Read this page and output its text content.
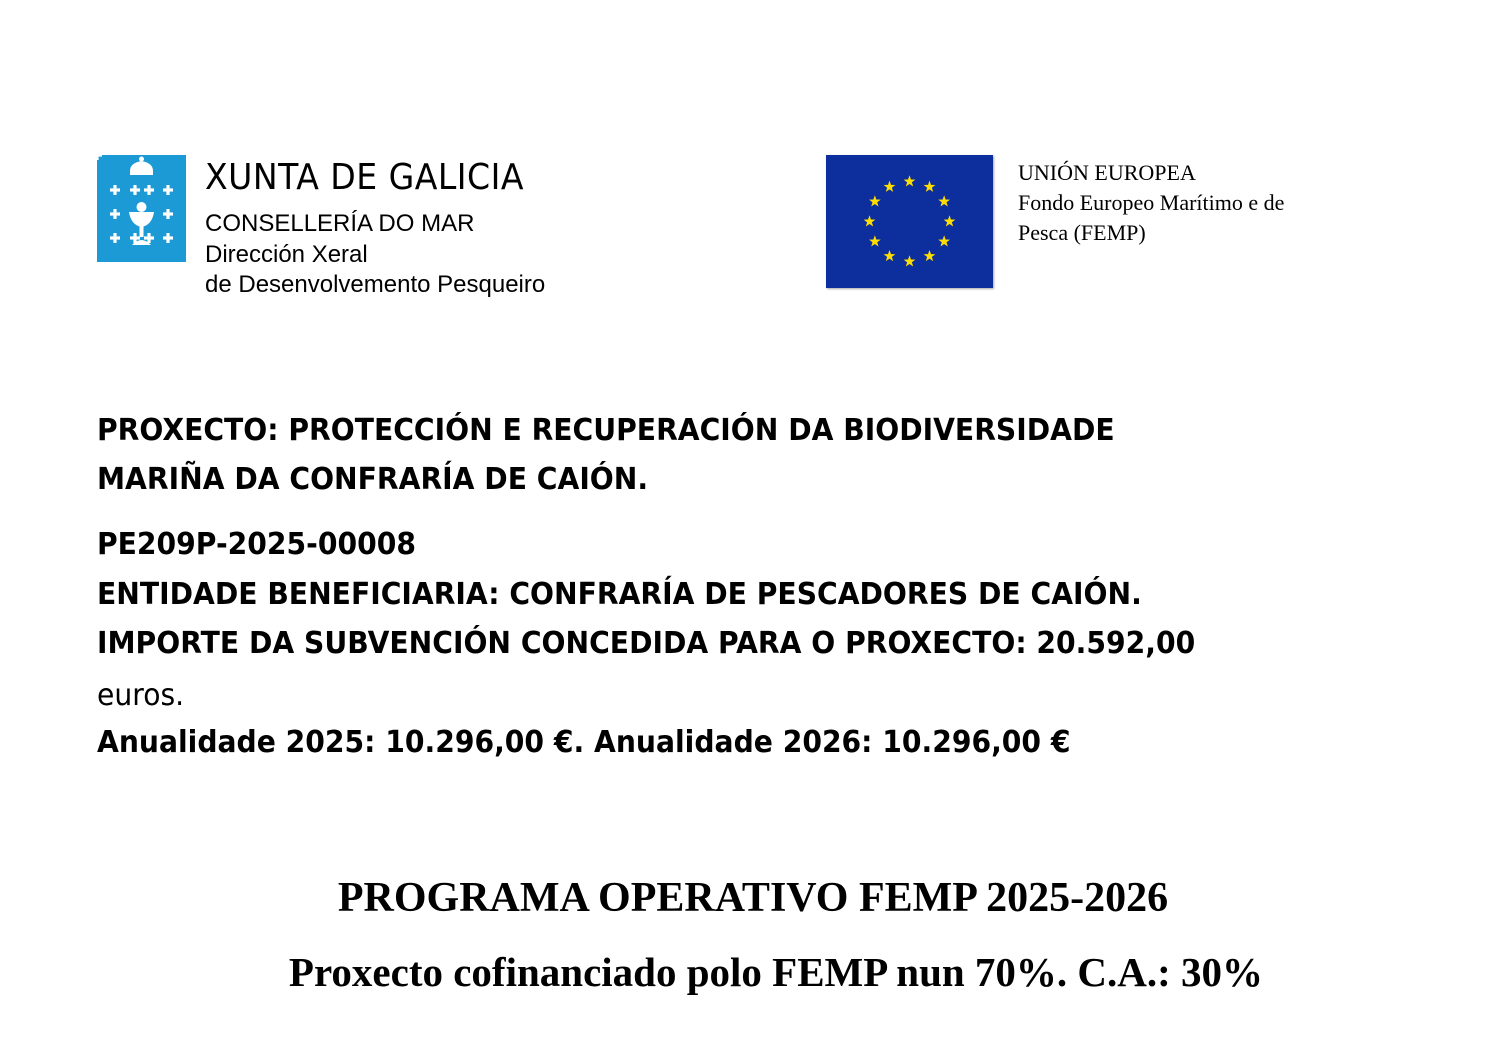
XUNTA DE GALICIA
CONSELLERÍA DO MAR
Dirección Xeral
de Desenvolvemento Pesqueiro
UNIÓN EUROPEA
Fondo Europeo Marítimo e de
Pesca (FEMP)
PROXECTO: PROTECCIÓN E RECUPERACIÓN DA BIODIVERSIDADE
MARIÑA DA CONFRARÍA DE CAIÓN.
PE209P-2025-00008
ENTIDADE BENEFICIARIA: CONFRARÍA DE PESCADORES DE CAIÓN.
IMPORTE DA SUBVENCIÓN CONCEDIDA PARA O PROXECTO: 20.592,00
euros.
Anualidade 2025: 10.296,00 €. Anualidade 2026: 10.296,00 €
PROGRAMA OPERATIVO FEMP 2025-2026
Proxecto cofinanciado polo FEMP nun 70%. C.A.: 30%
